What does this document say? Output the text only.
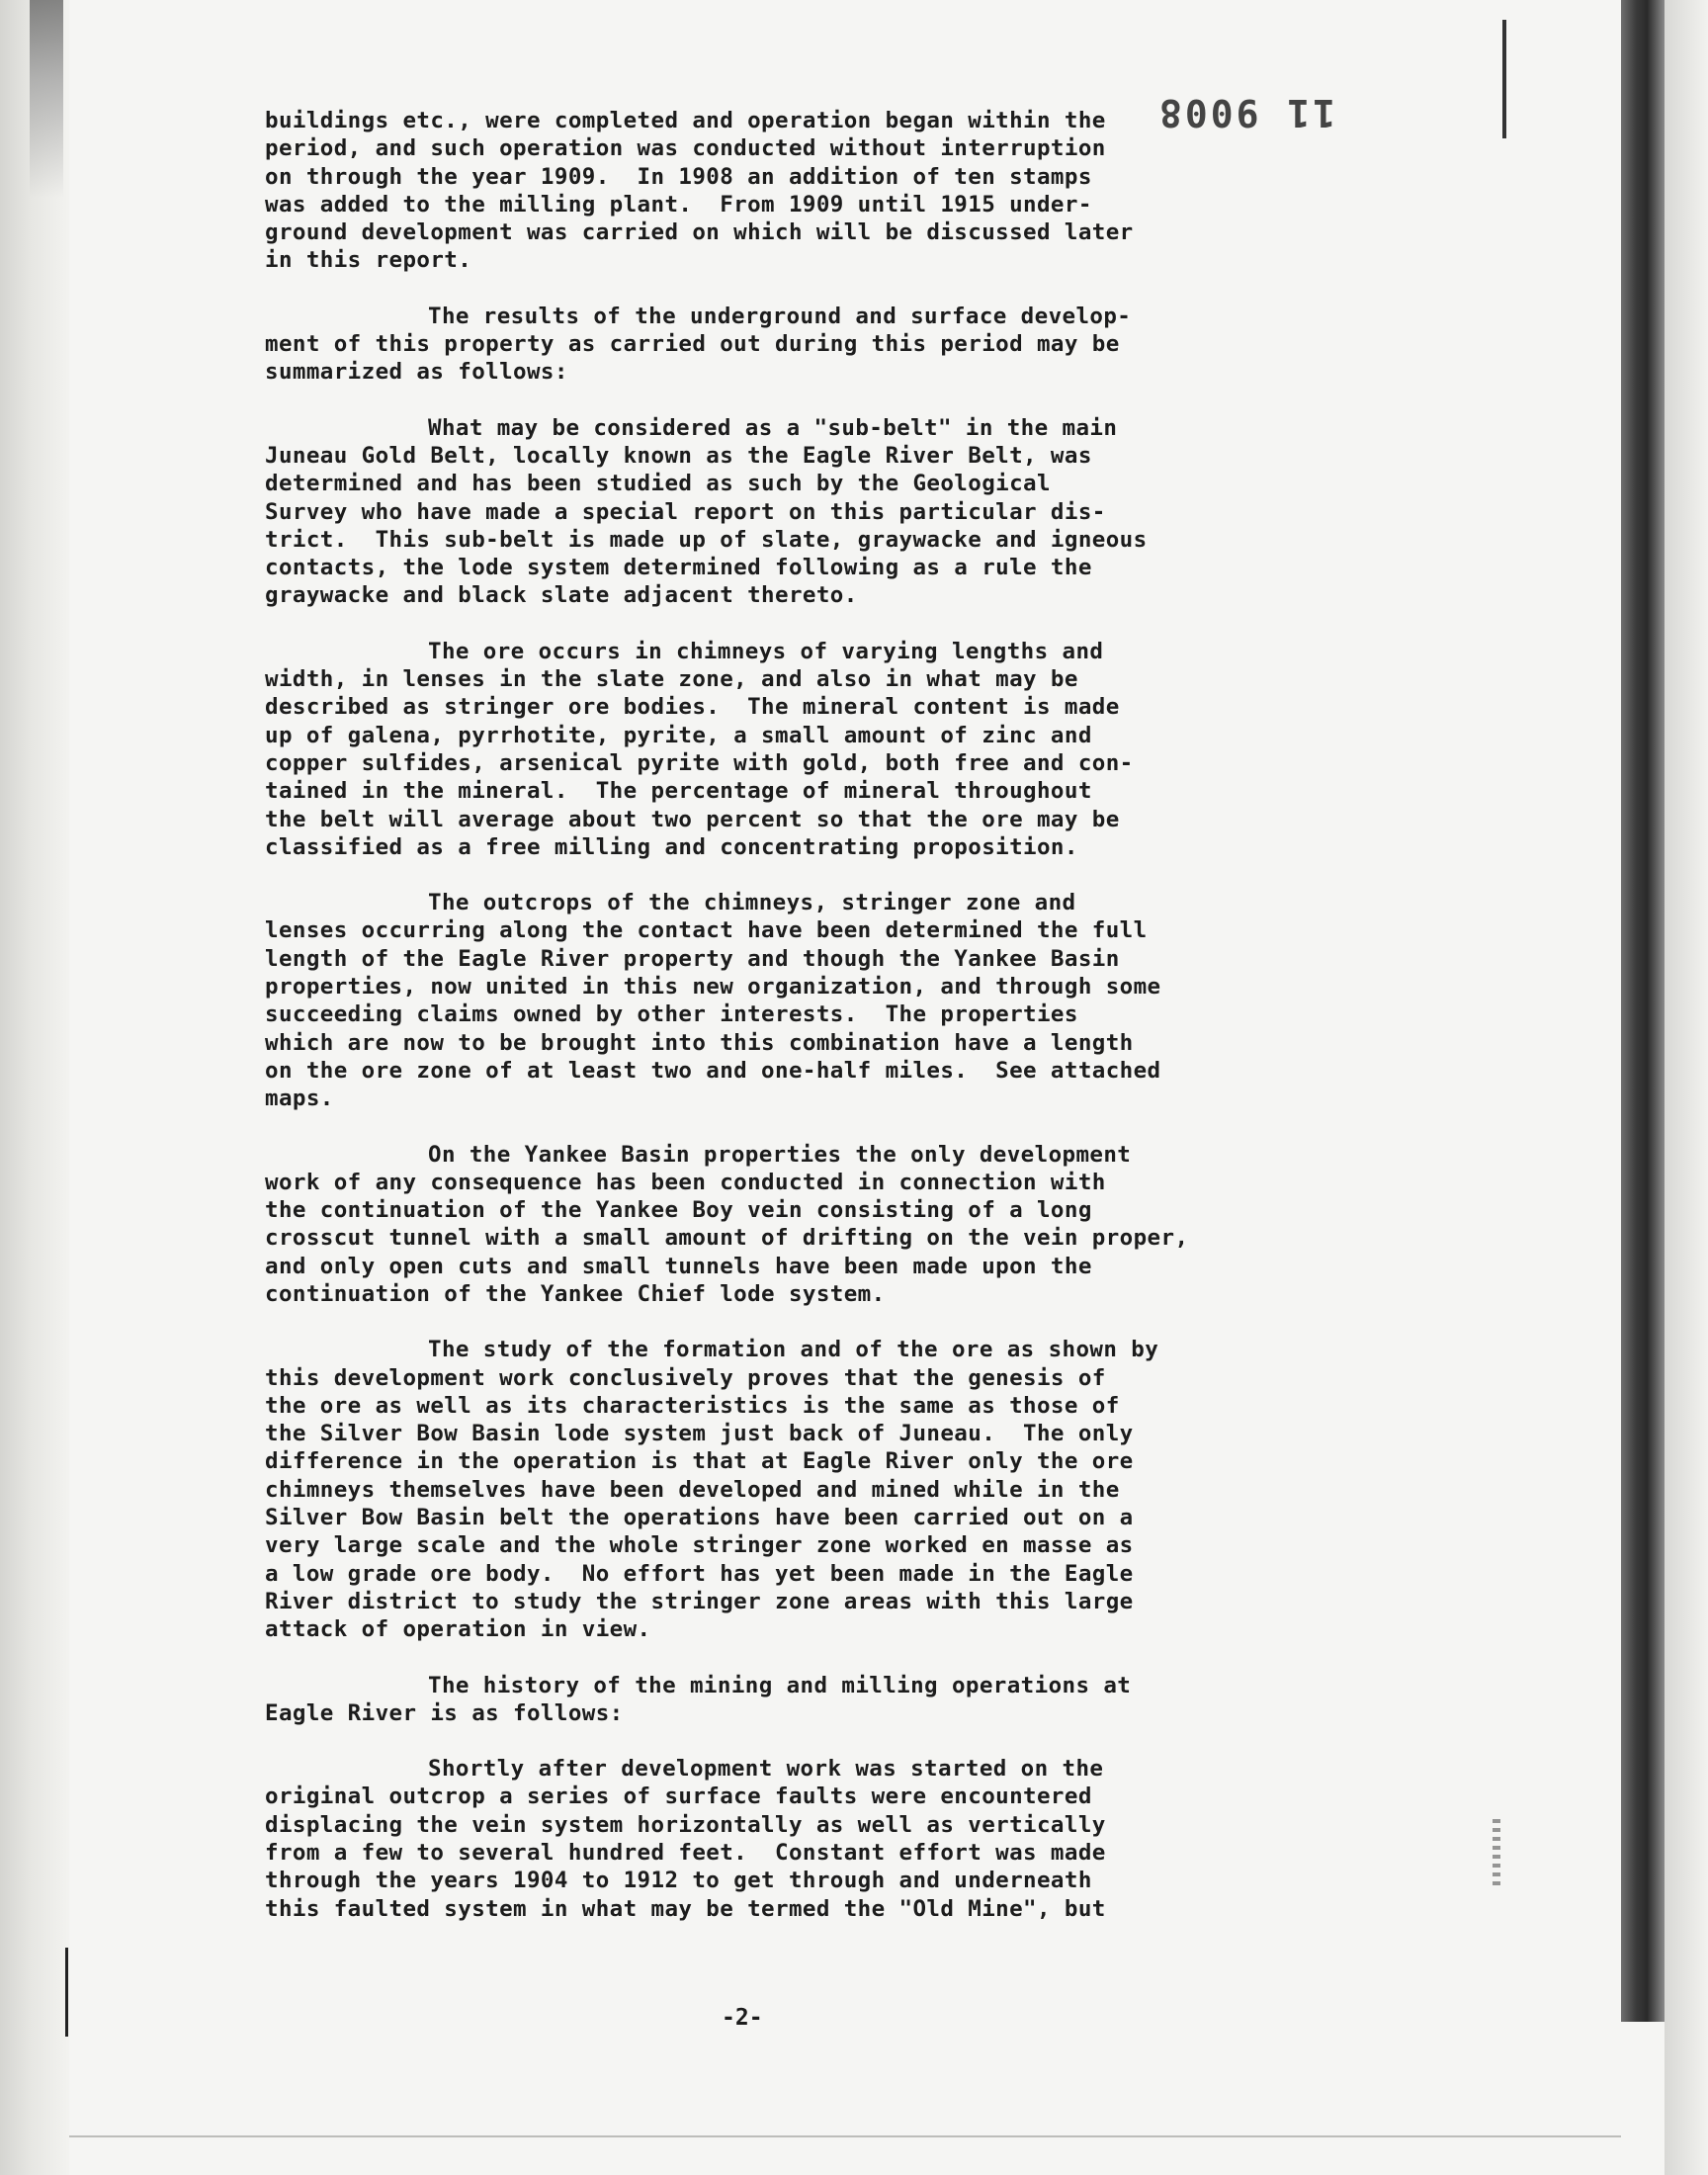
11 9008
buildings etc., were completed and operation began within the
period, and such operation was conducted without interruption
on through the year 1909.  In 1908 an addition of ten stamps
was added to the milling plant.  From 1909 until 1915 under-
ground development was carried on which will be discussed later
in this report.
The results of the underground and surface develop-
ment of this property as carried out during this period may be
summarized as follows:
What may be considered as a "sub-belt" in the main
Juneau Gold Belt, locally known as the Eagle River Belt, was
determined and has been studied as such by the Geological
Survey who have made a special report on this particular dis-
trict.  This sub-belt is made up of slate, graywacke and igneous
contacts, the lode system determined following as a rule the
graywacke and black slate adjacent thereto.
The ore occurs in chimneys of varying lengths and
width, in lenses in the slate zone, and also in what may be
described as stringer ore bodies.  The mineral content is made
up of galena, pyrrhotite, pyrite, a small amount of zinc and
copper sulfides, arsenical pyrite with gold, both free and con-
tained in the mineral.  The percentage of mineral throughout
the belt will average about two percent so that the ore may be
classified as a free milling and concentrating proposition.
The outcrops of the chimneys, stringer zone and
lenses occurring along the contact have been determined the full
length of the Eagle River property and though the Yankee Basin
properties, now united in this new organization, and through some
succeeding claims owned by other interests.  The properties
which are now to be brought into this combination have a length
on the ore zone of at least two and one-half miles.  See attached
maps.
On the Yankee Basin properties the only development
work of any consequence has been conducted in connection with
the continuation of the Yankee Boy vein consisting of a long
crosscut tunnel with a small amount of drifting on the vein proper,
and only open cuts and small tunnels have been made upon the
continuation of the Yankee Chief lode system.
The study of the formation and of the ore as shown by
this development work conclusively proves that the genesis of
the ore as well as its characteristics is the same as those of
the Silver Bow Basin lode system just back of Juneau.  The only
difference in the operation is that at Eagle River only the ore
chimneys themselves have been developed and mined while in the
Silver Bow Basin belt the operations have been carried out on a
very large scale and the whole stringer zone worked en masse as
a low grade ore body.  No effort has yet been made in the Eagle
River district to study the stringer zone areas with this large
attack of operation in view.
The history of the mining and milling operations at
Eagle River is as follows:
Shortly after development work was started on the
original outcrop a series of surface faults were encountered
displacing the vein system horizontally as well as vertically
from a few to several hundred feet.  Constant effort was made
through the years 1904 to 1912 to get through and underneath
this faulted system in what may be termed the "Old Mine", but
-2-
